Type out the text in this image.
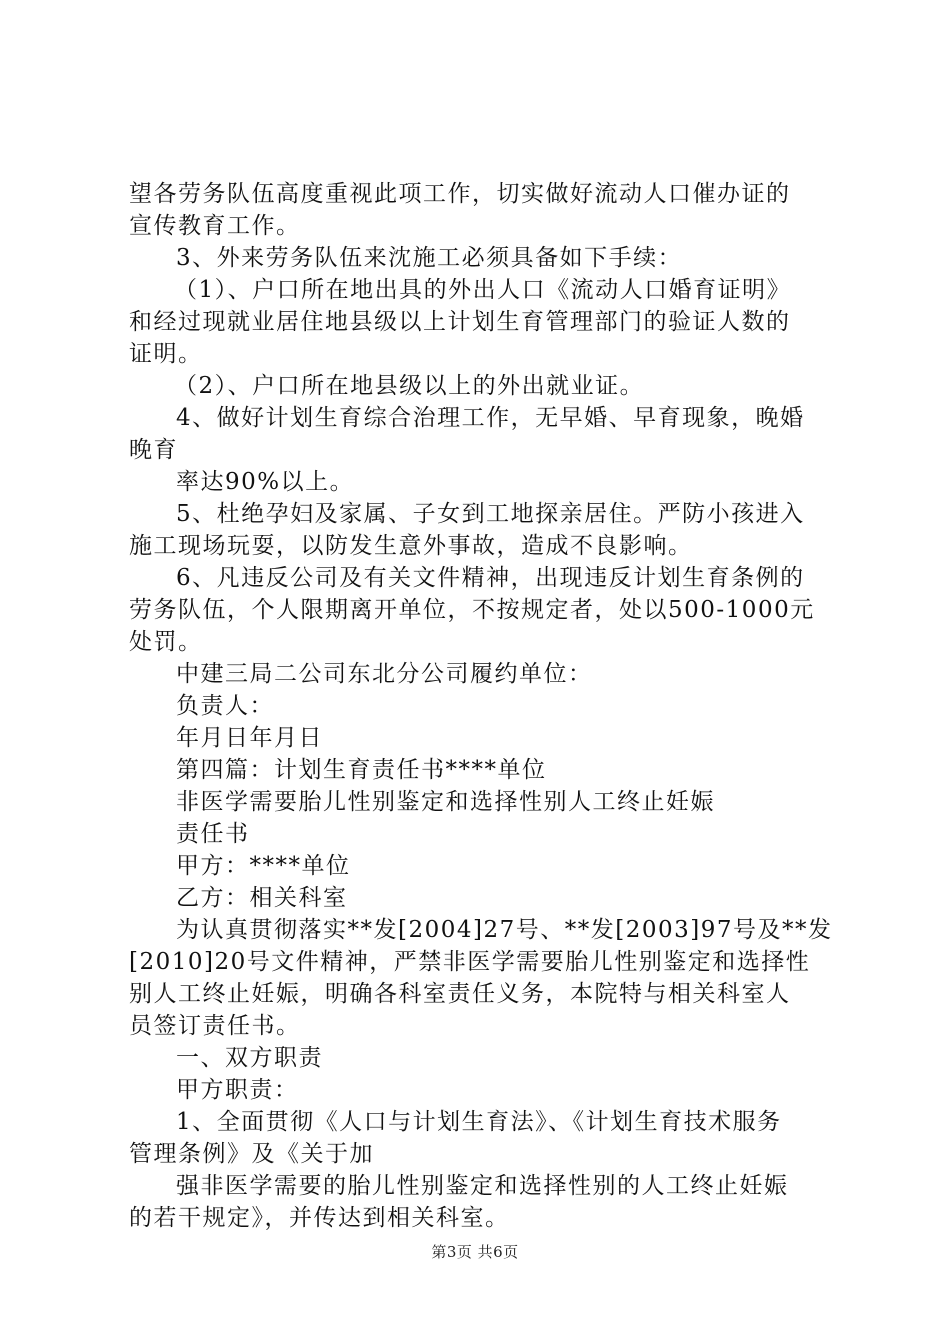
望各劳务队伍高度重视此项工作，切实做好流动人口催办证的
宣传教育工作。
3、外来劳务队伍来沈施工必须具备如下手续：
（1）、户口所在地出具的外出人口《流动人口婚育证明》
和经过现就业居住地县级以上计划生育管理部门的验证人数的
证明。
（2）、户口所在地县级以上的外出就业证。
4、做好计划生育综合治理工作，无早婚、早育现象，晚婚
晚育
率达90%以上。
5、杜绝孕妇及家属、子女到工地探亲居住。严防小孩进入
施工现场玩耍，以防发生意外事故，造成不良影响。
6、凡违反公司及有关文件精神，出现违反计划生育条例的
劳务队伍，个人限期离开单位，不按规定者，处以500-1000元
处罚。
中建三局二公司东北分公司履约单位：
负责人：
年月日年月日
第四篇：计划生育责任书****单位
非医学需要胎儿性别鉴定和选择性别人工终止妊娠
责任书
甲方：****单位
乙方：相关科室
为认真贯彻落实**发[2004]27号、**发[2003]97号及**发
[2010]20号文件精神，严禁非医学需要胎儿性别鉴定和选择性
别人工终止妊娠，明确各科室责任义务，本院特与相关科室人
员签订责任书。
一、双方职责
甲方职责：
1、全面贯彻《人口与计划生育法》、《计划生育技术服务
管理条例》及《关于加
强非医学需要的胎儿性别鉴定和选择性别的人工终止妊娠
的若干规定》，并传达到相关科室。
第3页 共6页
